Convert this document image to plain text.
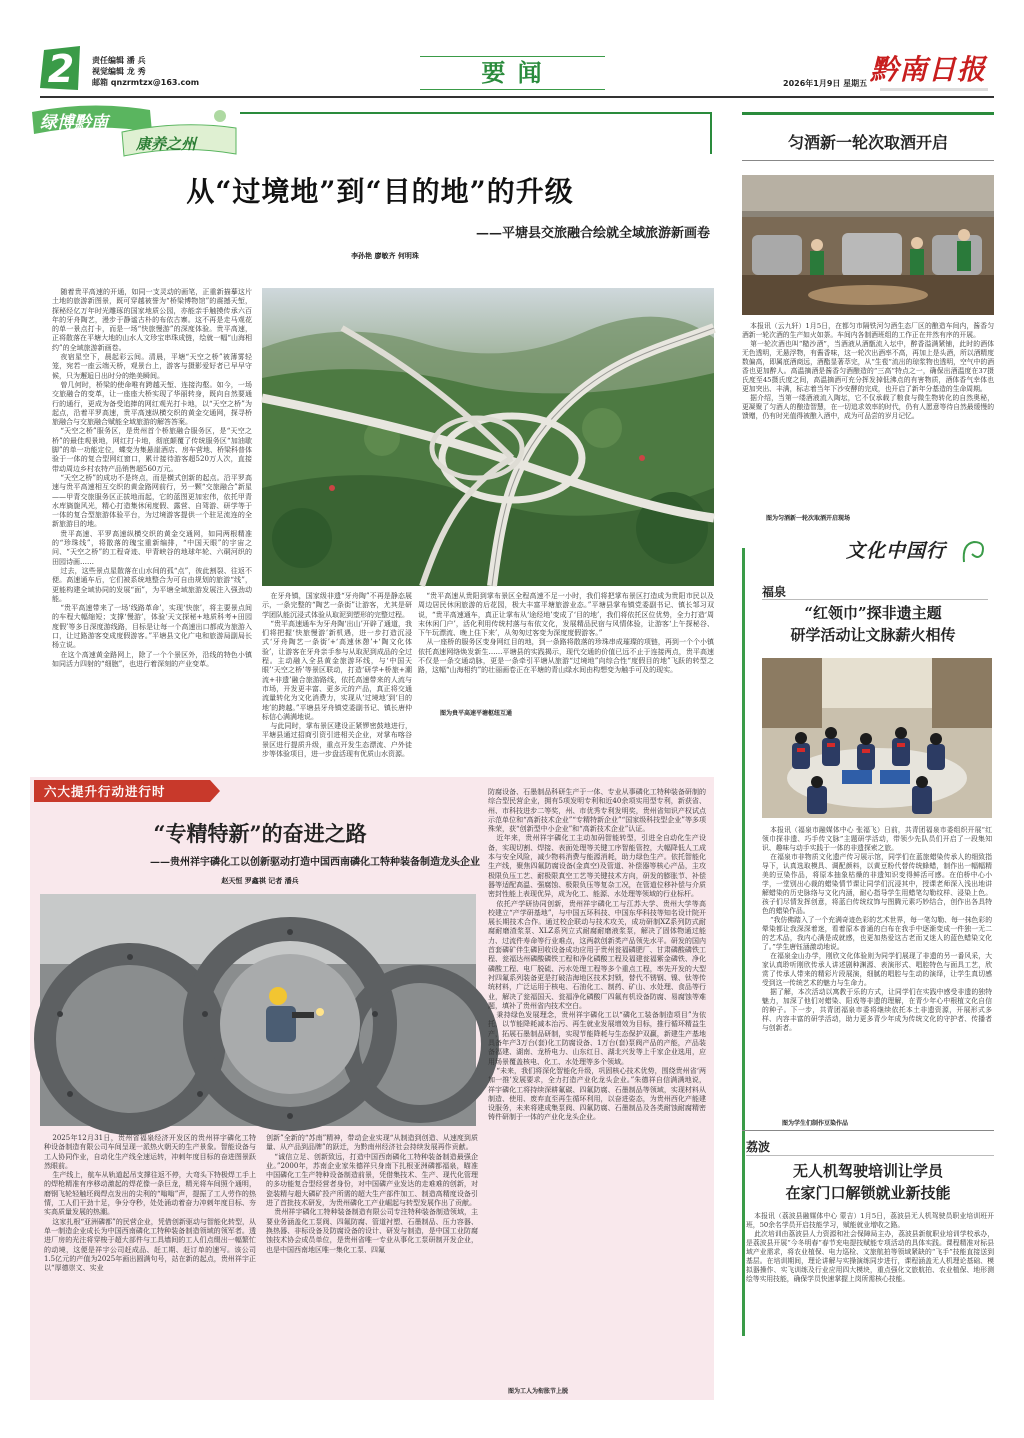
2	责任编辑 潘 兵
视觉编辑 龙 秀
邮箱 qnzrmtzx@163.com	要 闻	2026年1月9日 星期五 黔南日报
绿博黔南
康养之州
从“过境地”到“目的地”的升级
——平塘县交旅融合绘就全域旅游新画卷
李孙艳 廖敏齐 何明珠

随着贵平高速的开通，如同一支灵动的画笔，正重新描摹这片土地的旅游新图景，既可穿越被誉为“桥梁博物馆”的震撼天堑，探秘经亿万年时光雕琢的国家地质公园，亦能亲手触摸传承六百年的牙舟陶艺，漫步于静谧古朴的布依古寨。这不再是走马观花的单一景点打卡，而是一场“快旅慢游”的深度体验。贵平高速，正将散落在平塘大地的山水人文珍宝串珠成链，绘就一幅“山海相约”的全域旅游新画卷。

夜宿星空下，晨起彩云间。清晨，平塘“天空之桥”被薄雾轻笼，宛若一座云端天桥，观景台上，游客与摄影爱好者已早早守候，只为邂逅日出时分的绝美瞬间。

曾几何时，桥梁的使命唯有跨越天堑、连接沟壑。如今，一场交旅融合的变革，让一座座大桥实现了华丽转身，既向自然要通行的通行，更成为备受追捧的网红观光打卡地，以“天空之桥”为起点，沿着平罗高速，贵平高速纵横交织的黄金交通网，探寻桥旅融合与交旅融合赋能全域旅游的解答答案。

“天空之桥”服务区，是贵州首个桥旅融合服务区，是“天空之桥”的最佳观景地，网红打卡地，彻底颠覆了传统服务区“加油歇脚”的单一功能定位，蝶变为集悬崖酒店、房车营地、桥梁科普体验于一体的复合型网红窗口，累计接待游客超520万人次，直接带动周边乡村农特产品销售超560万元。

“天空之桥”的成功不是终点，而是横式创新的起点。沿平罗高速与贵平高速相互交织的黄金路网前行，另一颗“交旅融合”新星——甲青交旅服务区正拔地而起，它的蓝图更加宏伟，依托甲青水库旖旎风光，精心打造集休闲度假、露营、自驾游、研学等于一体的复合型旅游体验平台，为过境游客提供一个驻足流连的全新旅游目的地。

贵平高速、平罗高速纵横交织的黄金交通网，如同两根精准的“珍珠线”，将散落的瑰宝重新编排，“中国天眼”的宇宙之问、“天空之桥”的工程奇迹、甲青峡谷的地球年轮、六硐河织的田园诗画……

过去，这些景点星散落在山水间的孤“点”，彼此割裂、往返不便。高速通车后，它们被系统地整合为可自由规划的旅游“线”，更能构建全域协同的发展“面”，为平塘全域旅游发展注入强劲动能。

“贵平高速带来了一场‘线路革命’，实现‘快旅’，将主要景点间的车程大幅缩短；支撑‘慢游’，体验‘天文探秘+地质科考+田园度假’等多日深度游线路，目标是让每一个高速出口都成为旅游入口，让过路游客变成度假游客。”平塘县文化广电和旅游局副局长杨立说。

在这个高速黄金路网上，除了一个个景区外，沿线的特色小镇如同活力四射的“细胞”，也进行着深刻的产业变革。

在牙舟镇，国家级非遗“牙舟陶”不再是静态展示，一条完整的“陶艺一条街”让游客，尤其是研学团队能沉浸式体验从取泥到塑形的完整过程。

“贵平高速通车为牙舟陶‘出山’开辟了通道，我们将把握‘快旅慢游’新机遇，进一步打造沉浸式‘牙舟陶艺一条街’+‘高速休憩’+‘陶文化体验’，让游客在牙舟亲手参与从取泥到成品的全过程。主动融入全县黄金旅游环线，与‘中国天眼’‘天空之桥’等景区联动，打造‘研学+桥旅+潮流+非遗’融合旅游路线，依托高速带来的人流与市场，开发更丰富、更多元的产品，真正将交通流量转化为文化消费力，实现从‘过境地’到‘目的地’的跨越。”平塘县牙舟镇党委副书记、镇长唐仲标信心满满地说。

与此同时，掌布景区建设正紧锣密鼓地进行，平塘县通过招商引资引进相关企业，对掌布喀谷景区进行提质升级，重点开发生态漂流、户外徒步等体验项目，进一步盘活现有优质山水资源。

“贵平高速从贵阳到掌布景区全程高速不足一小时，我们将把掌布景区打造成为贵阳市民以及周边居民休闲旅游的后花园，极大丰富平塘旅游业态。”平塘县掌布镇党委副书记、镇长邹习双说，“贵平高速通车，真正让掌布从‘途经地’变成了‘目的地’，我们将依托区位优势，全力打造‘周末休闲门户’，活化利用传统村落与布依文化，发展精品民宿与风情体验，让游客‘上午探秘谷、下午玩漂流、晚上住下来’，从匆匆过客变为深度度假游客。”

从一座桥的服务区变身网红目的地，到一条路将散落的珍珠串成璀璨的项链，再到一个个小镇依托高速网络焕发新生……平塘县的实践揭示，现代交通的价值已远不止于连接两点，贵平高速不仅是一条交通动脉，更是一条牵引平塘从旅游“过境地”向综合性“度假目的地”飞跃的转型之路，这幅“山海相约”的壮丽画卷正在平塘的青山绿水间由构想变为触手可及的现实。

图为贵平高速平塘枢纽互通
匀酒新一轮次取酒开启

本报讯（云九轩）1月5日，在都匀市隔铁河匀酒生态厂区的酿造车间内，酱香匀酒新一轮次酒的生产如火如荼。车间内各制酒班组的工作正在井然有序的开展。

第一轮次酒也叫“糙沙酒”，当酒液从酒甑流入坛中，醉香溢满紧铺，此时的酒体无色透明，无悬浮物，有酱香味，这一轮次出酒率不高，再加上是头酒，所以酒精度数偏高，即属底酒商远，酒酯显著萃完，从“生苞”流出的琼浆物也透明，空气中的酒香也更加醉人。高温摘酒是酱香匀酒酿造的“三高”特点之一，确保出酒温度在37摄氏度至45摄氏度之间，高温摘酒可充分挥发掉低沸点的有害物质，酒体香气幸体也更加突出、丰满，标志着当年下沙安酵的完成，也开启了新年分基造的生命周期。

据介绍，当第一缕酒液流入陶坛，它不仅承载了粮食与微生物转化的自然奥秘，更凝聚了匀酒人的酿造智慧，在一切追求效率的时代，仍有人愿意等待自然最缓慢的馈赠，仍有时光值得被酿入酒中，成为可品尝的岁月记忆。

图为匀酒新一轮次取酒开启现场
文化中国行
福泉
“红领巾”探非遗主题
研学活动让文脉薪火相传

本报讯（福泉市融媒体中心 张福飞）日前，共青团福泉市委组织开展“红领巾探非遗、巧手传文脉”主题研学活动，带领少先队员们开启了一段集知识、趣味与动手实践于一体的非遗探索之旅。

在福泉市非物质文化遗产传习展示馆，同学们在蓝旅蜡染传承人的细致指导下，认真选取模具、调配颜料，以黄豆粉代替传统蜂蜡，制作出一幅幅精美的豆染作品，将原本抽象枯燥的非遗知识变得鲜活可感。在伯桥中心小学，一堂别出心裁的蜡染情节课让同学们沉浸其中，授课老师深入浅出地讲解蜡染的历史脉络与文化内涵，耐心指导学生用蜡笔勾勒纹样、浸染上色。孩子们尽情发挥创意，将蓝白传统纹饰与图腾元素巧妙结合，创作出各具特色的蜡染作品。

“我仿佛踏入了一个充满奇迹色彩的艺术世界，每一笔勾勒、每一抹色彩的晕染都让我深深着迷，看着原本普通的白布在我手中逐渐变成一件独一无二的艺术品，我内心满是成就感，也更加热爱这古老而又迷人的蓝色蜡染文化了。”学生唐钰涵激动地说。

在福泉金山办学，刚欣文化体验则为同学们展现了非遗的另一番风采，大家认真聆听刚欣传承人讲述剧种渊源、表演形式、唱腔特色与面具工艺，欣赏了传承人带来的精彩片段展演，细腻的唱腔与生动的演绎，让学生真切感受到这一传统艺术的魅力与生命力。

据了解，本次活动以寓教于乐的方式，让同学们在实践中感受非遗的独特魅力，加深了他们对蜡染、阳戏等非遗的理解，在青少年心中根植文化自信的种子。下一步，共青团福泉市委将继续依托本土非遗资源，开展形式多样、内容丰富的研学活动，助力更多青少年成为传统文化的守护者、传播者与创新者。

图为学生们制作豆染作品
荔波
无人机驾驶培训让学员
在家门口解锁就业新技能

本报讯（荔波县融媒体中心 蒙吉）1月5日，荔波县无人机驾驶员职业培训班开班，50余名学员开启技能学习，赋能就业增收之路。

此次培训由荔波县人力资源和社会保障局主办，荔波县新航职业培训学校承办，是荔波县开展“今冬明春”春节充电提技赋能专项活动的具体实践。课程精准对标县域产业需求，将农业植保、电力巡检、文旅航拍等领域紧缺的“飞手”技能直接送到基层。在培训期间，理论讲解与实操演练同步进行，课程涵盖无人机理论基础、模拟器操作、实飞训练及行业应用四大模块，重点强化文旅航拍、农业植保、地形测绘等实用技能，确保学员快速掌握上岗所需核心技能。

六大提升行动进行时
“专精特新”的奋进之路
——贵州祥宇磷化工以创新驱动打造中国西南磷化工特种装备制造龙头企业
赵天恒 罗鑫祺 记者 潘兵

2025年12月31日，贵州省福泉经济开发区的贵州祥宇磷化工特种设备制造有限公司车间呈现一派热火朝天的生产景象。智能设备与工人协同作业，自动化生产线全速运转，冲刺年度目标的奋进图景跃然眼前。

生产线上，航车从轨道起吊支撑往返不停，大弯头下特极焊工手上的焊枪精准有序移动激起的焊花像一条巨龙，精光将车间照个通明，磨钢飞轮轻触坯阀焊点发出的尖利的“嗡嗡”声，提振了工人劳作的热情，工人们干劲十足，争分夺秒，处处涌动着奋力冲刺年度目标、夯实高质量发展的热潮。

这家扎根“亚洲磷都”的民营企业，凭借创新驱动与智能化转型，从单一制造企业成长为中国西南磷化工特种装备制造领域的领军者。透进厂房的光注将穿梭于超大部件与工具墙间的工人们点缀出一幅繁忙的动境，这便是祥宇公司赶成品、赶工期、赶订单的速写。该公司1.5亿元的产值为2025年画出圆满句号，站在新的起点，贵州祥宇正以“厚德崇文、实业

创新”全新的“苏南”精神，带动企业实现“从制造到创造、从速度到质量、从产品到品牌”的跃迁，为黔南州经济社会持续发展再作贡献。

“诚信立足、创新致远，打造中国西南磷化工特种装备制造最强企业。”2000年，苏南企业家朱德祥只身南下扎根亚洲磷都福泉，瞄准中国磷化工生产特种设备制造前景，凭借集技术、生产、现代化管理的多功能复合型经营者身份，对中国磷产业发达的走难难的创新，对瓷装精与超大磷矿投产所需的超大生产部件加工、制造高精度设备引进了首批技术研发，为贵州磷化工产业崛起与转型发展作出了贡献。

贵州祥宇磷化工特种装备制造有限公司专注特种装备制造领域，主要业务涵盖化工泵阀、四氟防腐、管道衬塑、石墨制品、压力容器、换热器、非标设备及防腐设备的设计、研发与制造，是中国工业防腐蚀技术协会成员单位，是贵州省唯一专业从事化工泵研制开发企业，也是中国西南地区唯一集化工泵、四氟

防腐设备、石墨制品科研生产于一体、专业从事磷化工特种装备研制的综合型民营企业，拥有5项发明专利和近40余项实用型专利，新获省、州、市科技进步二等奖，州、市优秀专利发明奖，贵州省知识产权试点示范单位和“高新技术企业”“专精特新企业”“国家级科技型企业”等多项殊荣，获“创新型中小企业”和“高新技术企业”认证。

近年来，贵州祥宇磷化工主动加码智能转型，引进全自动化生产设备，实现切割、焊接、表面处理等关键工序智能管控，大幅降低人工成本与安全风险，减少物料消费与能源消耗，助力绿色生产。依托智能化生产线，聚焦四氟防腐设备(金真空)及管道、补偿器等核心产品，主攻极限负压工艺、耐极限真空工艺等关键技术方向，研发的膨胀节、补偿器等适配高温、强腐蚀、极限负压等复杂工况，在管道位移补偿与介质密封性能上表现优异，成为化工、能源、水处理等领域的行业标杆。

依托产学研协同创新，贵州祥宇磷化工与江苏大学、贵州大学等高校建立“产学研基地”，与中国五环科技、中国东华科技等知名设计院开展长期技术合作。通过校企联动与技术攻关，成功研制XZ系列防式耐腐耐磨渣浆泵、XLZ系列立式耐腐耐磨液浆泵，解决了固体物通过能力、过流件寿命等行业难点，这两款创新类产品领先水平。研发的国内首套磷矿伴生磷回收设备成功应用于贵州瓮福磷肥厂、甘肃磷酸磷铁工程、瓮福达州磷酸磷铁工程和净化磷酸工程及福建瓮福紫金磷铁、净化磷酸工程、电厂脱硫、污水处理工程等多个重点工程，率先开发的大型衬四氟系列装备更是打破洁海地区技术封锁，替代不锈钢、镍、钛等传统材料，广泛运用于核电、石油化工、制药、矿山、水处理、食品等行业，解决了瓮福国天、瓮福净化磷酸厂四氟有机设备防腐、易腐蚀等难题，填补了贵州省内技术空白。

秉持绿色发展理念，贵州祥宇磷化工以“磷化工装备制造项目”为依托，以节能降耗减本治污、再生就业发展增效为目标，推行循环精益生产，拓展石墨制品研制，实现节能降耗与生态保护双赢，新建生产基地具备年产3万台(套)化工防腐设备、1万台(套)泵阀产品的产能，产品装备福建、湖南、龙桥电力、山东红日、湖北兴发等上千家企业选用，应用场景覆盖核电、化工、水处理等多个领域。

“未来，我们将深化智能化升级，巩固核心技术优势，围绕贵州省‘两加一推’发展要求，全力打造产业化龙头企业。”朱德祥自信满满地说，祥宇磷化工将持续深耕氟碳、四氟防腐、石墨制品等领域，实现材料从制造、使用、废弃直至再生循环利用，以奋进姿态，为贵州西化产能建设服务，未来将建成集泵阀、四氟防腐、石墨制品及各类耐蚀耐腐精密铸件研制于一体的产业化龙头企业。

图为工人为衔胀节上脱
